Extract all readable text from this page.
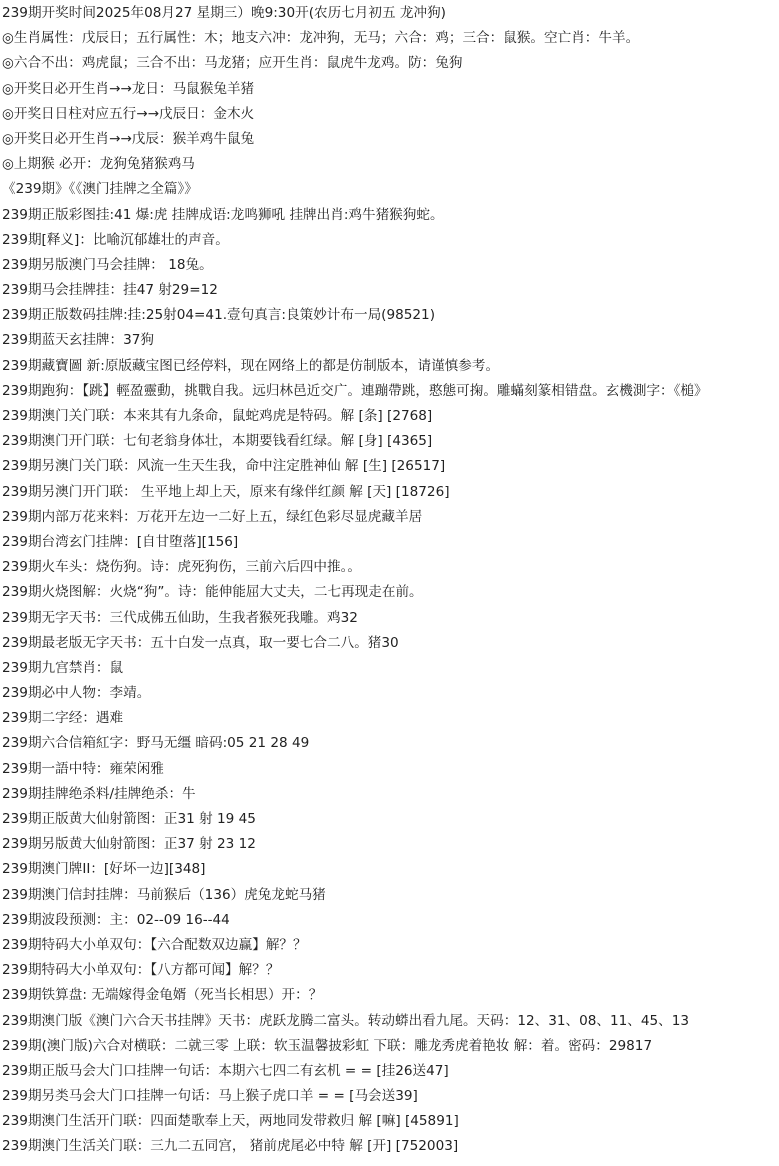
239期开奖时间2025年08月27 星期三）晚9:30开(农历七月初五 龙冲狗)
◎生肖属性：戊辰日；五行属性：木；地支六冲：龙冲狗，无马；六合：鸡；三合：鼠猴。空亡肖：牛羊。
◎六合不出：鸡虎鼠；三合不出：马龙猪；应开生肖：鼠虎牛龙鸡。防：兔狗
◎开奖日必开生肖→→龙日：马鼠猴兔羊猪
◎开奖日日柱对应五行→→戊辰日：金木火
◎开奖日必开生肖→→戊辰：猴羊鸡牛鼠兔
◎上期猴 必开：龙狗兔猪猴鸡马
《239期》《《澳门挂牌之全篇》》
239期正版彩图挂:41 爆:虎 挂牌成语:龙鸣狮吼 挂牌出肖:鸡牛猪猴狗蛇。
239期[释义]：比喻沉郁雄壮的声音。
239期另版澳门马会挂牌： 18兔。
239期马会挂牌挂：挂47 射29=12
239期正版数码挂牌:挂:25射04=41.壹句真言:良策妙计布一局(98521)
239期蓝天玄挂牌：37狗
239期藏寶圖 新:原版藏宝图已经停料，现在网络上的都是仿制版本，请谨慎参考。
239期跑狗：【跳】輕盈靈動，挑戰自我。远归林邑近交广。連蹦帶跳，憨態可掬。雕蟎刻篆相错盘。玄機測字：《槌》
239期澳门关门联：本来其有九条命，鼠蛇鸡虎是特码。解 [条] [2768]
239期澳门开门联：七旬老翁身体壮，本期要钱看红绿。解 [身] [4365]
239期另澳门关门联：风流一生天生我，命中注定胜神仙 解 [生] [26517]
239期另澳门开门联： 生平地上却上天，原来有缘伴红颜 解 [天] [18726]
239期内部万花来料：万花开左边一二好上五，绿红色彩尽显虎藏羊居
239期台湾玄门挂牌：[自甘堕落][156]
239期火车头：烧伤狗。诗：虎死狗伤，三前六后四中推。。
239期火烧图解：火烧“狗”。诗：能伸能屈大丈夫，二七再现走在前。
239期无字天书：三代成佛五仙助，生我者猴死我雕。鸡32
239期最老版无字天书：五十白发一点真，取一要七合二八。猪30
239期九宫禁肖：鼠
239期必中人物：李靖。
239期二字经：遇难
239期六合信箱紅字：野马无缰 暗码:05 21 28 49
239期一語中特：雍荣闲雅
239期挂牌绝杀料/挂牌绝杀：牛
239期正版黄大仙射箭图：正31 射 19 45
239期另版黄大仙射箭图：正37 射 23 12
239期澳门牌II：[好坏一边][348]
239期澳门信封挂牌：马前猴后（136）虎兔龙蛇马猪
239期波段预测：主：02--09 16--44
239期特码大小单双句：【六合配数双边赢】解？？
239期特码大小单双句：【八方都可闻】解？？
239期铁算盘: 无端嫁得金龟婿（死当长相思）开：？
239期澳门版《澳门六合天书挂牌》天书：虎跃龙腾二富头。转动蟒出看九尾。天码：12、31、08、11、45、13
239期(澳门版)六合对横联：二就三零 上联：软玉温馨披彩虹 下联：雕龙秀虎着艳妆 解：着。密码：29817
239期正版马会大门口挂牌一句话：本期六七四二有玄机 = = [挂26送47]
239期另类马会大门口挂牌一句话：马上猴子虎口羊 = = [马会送39]
239期澳门生活开门联：四面楚歌奉上天，两地同发带救归 解 [嘛] [45891]
239期澳门生活关门联：三九二五同宫， 猪前虎尾必中特 解 [开] [752003]
